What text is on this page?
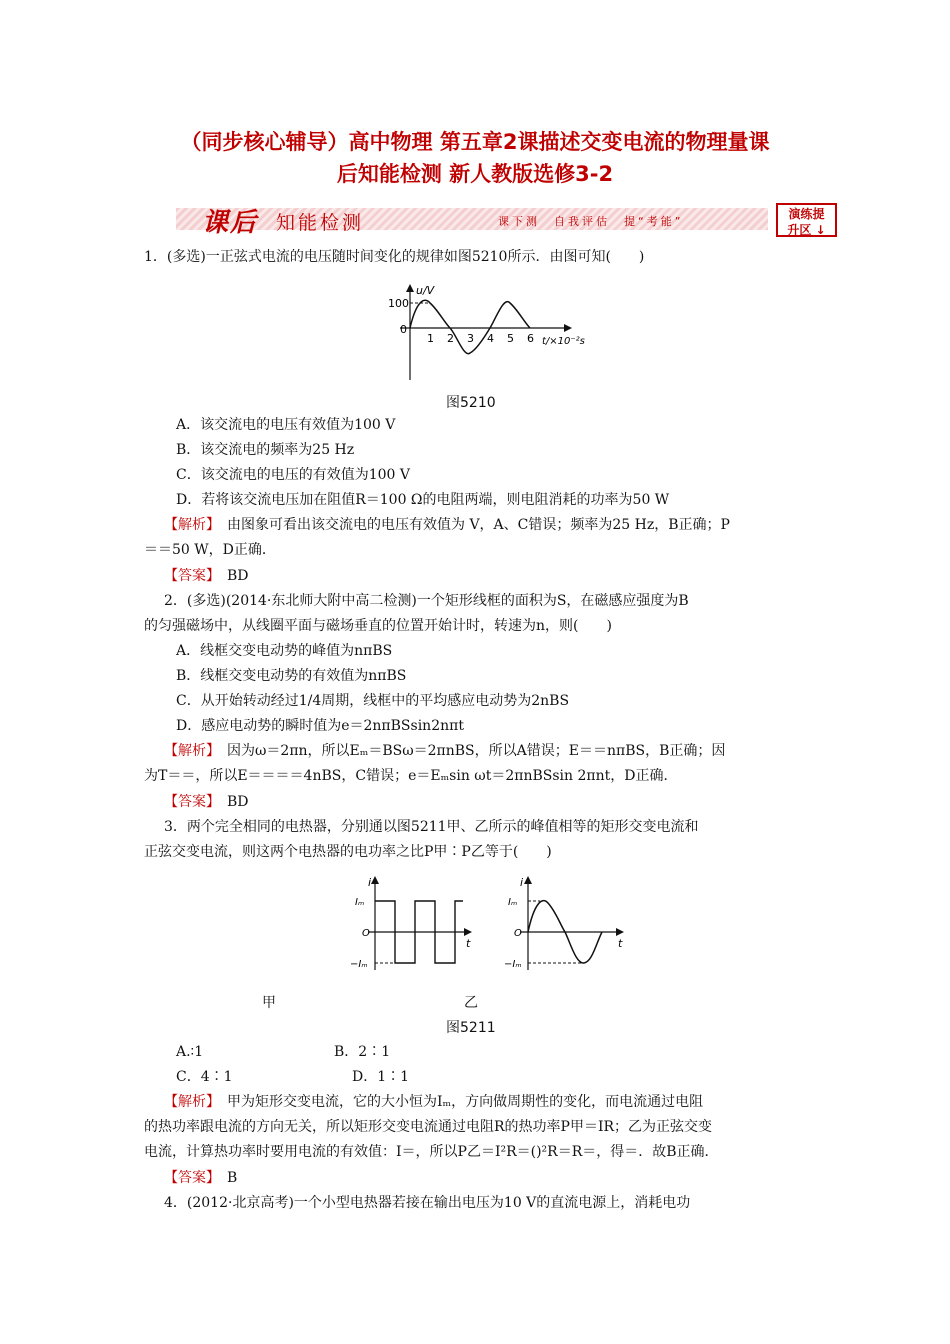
（同步核心辅导）高中物理 第五章2课描述交变电流的物理量课
后知能检测 新人教版选修3-2
课后 知能检测	课下测　自我评估　提“考能”
演练提
升区 ↓
1．(多选)一正弦式电流的电压随时间变化的规律如图5210所示．由图可知(　　)
u/V
100
0
1 2 3 4 5 6 t/×10⁻²s
图5210
A．该交流电的电压有效值为100 V
B．该交流电的频率为25 Hz
C．该交流电的电压的有效值为100 V
D．若将该交流电压加在阻值R＝100 Ω的电阻两端，则电阻消耗的功率为50 W
【解析】　由图象可看出该交流电的电压有效值为 V，A、C错误；频率为25 Hz，B正确；P
＝＝50 W，D正确．
【答案】　BD
2．(多选)(2014·东北师大附中高二检测)一个矩形线框的面积为S，在磁感应强度为B
的匀强磁场中，从线圈平面与磁场垂直的位置开始计时，转速为n，则(　　)
A．线框交变电动势的峰值为nπBS
B．线框交变电动势的有效值为nπBS
C．从开始转动经过1/4周期，线框中的平均感应电动势为2nBS
D．感应电动势的瞬时值为e＝2nπBSsin2nπt
【解析】　因为ω＝2πn，所以Eₘ＝BSω＝2πnBS，所以A错误；E＝＝nπBS，B正确；因
为T＝＝，所以E＝＝＝＝4nBS，C错误；e＝Eₘsin ωt＝2πnBSsin 2πnt，D正确．
【答案】　BD
3．两个完全相同的电热器，分别通以图5211甲、乙所示的峰值相等的矩形交变电流和
正弦交变电流，则这两个电热器的电功率之比P甲∶P乙等于(　　)
i
Iₘ
O
−Iₘ
t
i
Iₘ
O
−Iₘ
t
甲	乙
图5211
A.∶1	B．2∶1
C．4∶1	D．1∶1
【解析】　甲为矩形交变电流，它的大小恒为Iₘ，方向做周期性的变化，而电流通过电阻
的热功率跟电流的方向无关，所以矩形交变电流通过电阻R的热功率P甲＝IR；乙为正弦交变
电流，计算热功率时要用电流的有效值：I＝，所以P乙＝I²R＝()²R＝R＝，得＝．故B正确．
【答案】　B
4．(2012·北京高考)一个小型电热器若接在输出电压为10 V的直流电源上，消耗电功
